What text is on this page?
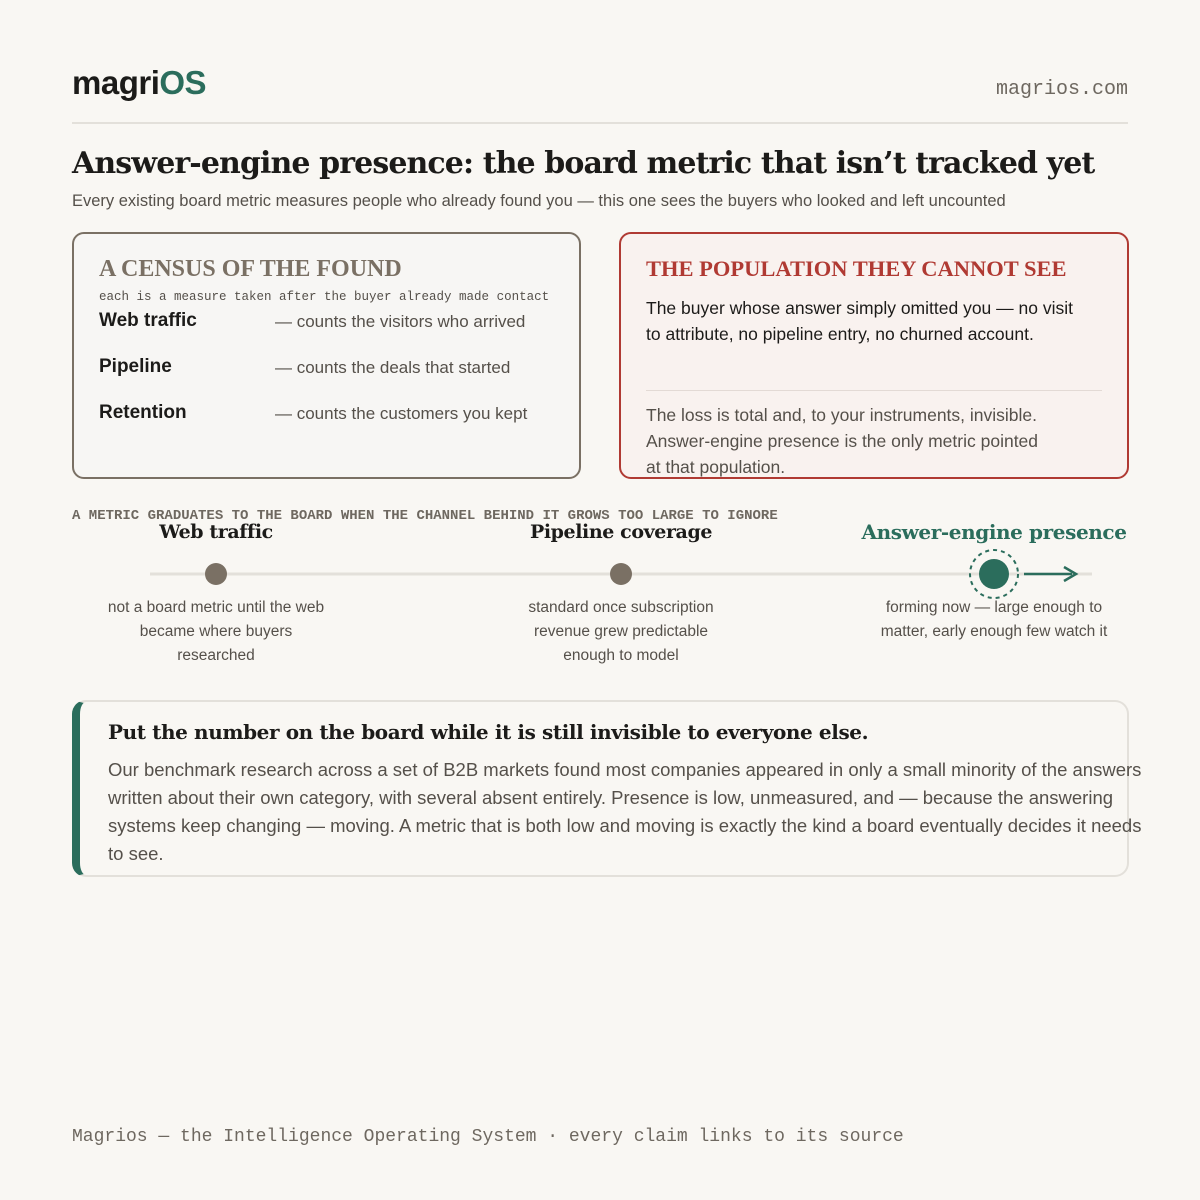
magriOS	magrios.com
Answer-engine presence: the board metric that isn’t tracked yet
Every existing board metric measures people who already found you — this one sees the buyers who looked and left uncounted
A CENSUS OF THE FOUND
each is a measure taken after the buyer already made contact
Web traffic	— counts the visitors who arrived
Pipeline	— counts the deals that started
Retention	— counts the customers you kept
THE POPULATION THEY CANNOT SEE
The buyer whose answer simply omitted you — no visit to attribute, no pipeline entry, no churned account.
The loss is total and, to your instruments, invisible. Answer-engine presence is the only metric pointed at that population.
A METRIC GRADUATES TO THE BOARD WHEN THE CHANNEL BEHIND IT GROWS TOO LARGE TO IGNORE
Web traffic	Pipeline coverage	Answer-engine presence
not a board metric until the web became where buyers researched
standard once subscription revenue grew predictable enough to model
forming now — large enough to matter, early enough few watch it
Put the number on the board while it is still invisible to everyone else.
Our benchmark research across a set of B2B markets found most companies appeared in only a small minority of the answers written about their own category, with several absent entirely. Presence is low, unmeasured, and — because the answering systems keep changing — moving. A metric that is both low and moving is exactly the kind a board eventually decides it needs to see.
Magrios — the Intelligence Operating System · every claim links to its source
